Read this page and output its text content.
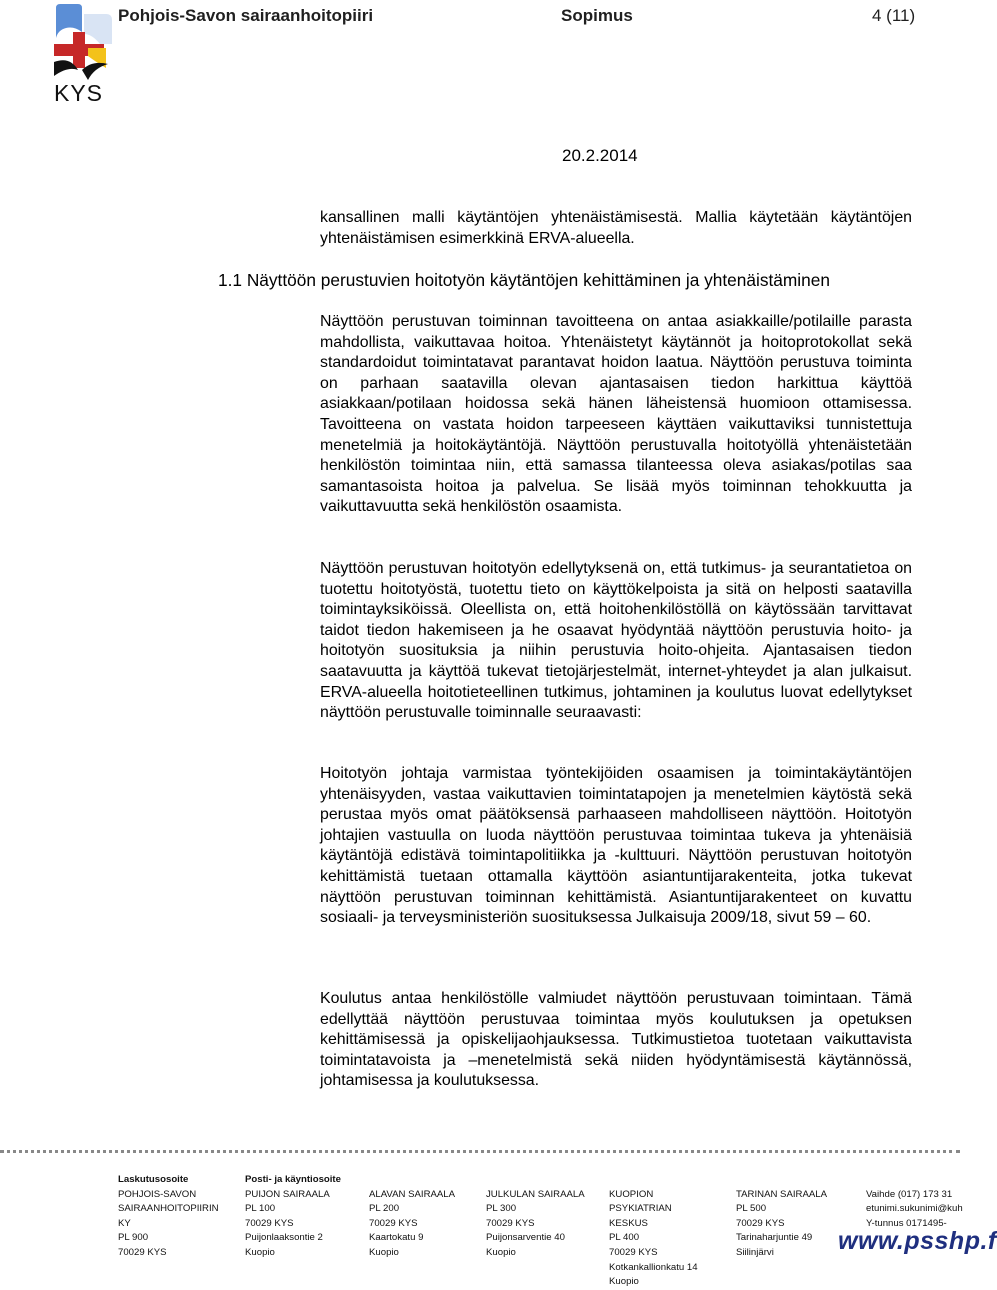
KYS
Pohjois-Savon sairaanhoitopiiri	Sopimus	4 (11)
20.2.2014

kansallinen malli käytäntöjen yhtenäistämisestä. Mallia käytetään käytäntöjen yhtenäistämisen esimerkkinä ERVA-alueella.

1.1 Näyttöön perustuvien hoitotyön käytäntöjen kehittäminen ja yhtenäistäminen

Näyttöön perustuvan toiminnan tavoitteena on antaa asiakkaille/potilaille parasta mahdollista, vaikuttavaa hoitoa. Yhtenäistetyt käytännöt ja hoitoprotokollat sekä standardoidut toimintatavat parantavat hoidon laatua. Näyttöön perustuva toiminta on parhaan saatavilla olevan ajantasaisen tiedon harkittua käyttöä asiakkaan/potilaan hoidossa sekä hänen läheistensä huomioon ottamisessa. Tavoitteena on vastata hoidon tarpeeseen käyttäen vaikuttaviksi tunnistettuja menetelmiä ja hoitokäytäntöjä. Näyttöön perustuvalla hoitotyöllä yhtenäistetään henkilöstön toimintaa niin, että samassa tilanteessa oleva asiakas/potilas saa samantasoista hoitoa ja palvelua. Se lisää myös toiminnan tehokkuutta ja vaikuttavuutta sekä henkilöstön osaamista.

Näyttöön perustuvan hoitotyön edellytyksenä on, että tutkimus- ja seurantatietoa on tuotettu hoitotyöstä, tuotettu tieto on käyttökelpoista ja sitä on helposti saatavilla toimintayksiköissä. Oleellista on, että hoitohenkilöstöllä on käytössään tarvittavat taidot tiedon hakemiseen ja he osaavat hyödyntää näyttöön perustuvia hoito- ja hoitotyön suosituksia ja niihin perustuvia hoito-ohjeita. Ajantasaisen tiedon saatavuutta ja käyttöä tukevat tietojärjestelmät, internet-yhteydet ja alan julkaisut. ERVA-alueella hoitotieteellinen tutkimus, johtaminen ja koulutus luovat edellytykset näyttöön perustuvalle toiminnalle seuraavasti:

Hoitotyön johtaja varmistaa työntekijöiden osaamisen ja toimintakäytäntöjen yhtenäisyyden, vastaa vaikuttavien toimintatapojen ja menetelmien käytöstä sekä perustaa myös omat päätöksensä parhaaseen mahdolliseen näyttöön. Hoitotyön johtajien vastuulla on luoda näyttöön perustuvaa toimintaa tukeva ja yhtenäisiä käytäntöjä edistävä toimintapolitiikka ja -kulttuuri. Näyttöön perustuvan hoitotyön kehittämistä tuetaan ottamalla käyttöön asiantuntijarakenteita, jotka tukevat näyttöön perustuvan toiminnan kehittämistä. Asiantuntijarakenteet on kuvattu sosiaali- ja terveysministeriön suosituksessa Julkaisuja 2009/18, sivut 59 – 60.

Koulutus antaa henkilöstölle valmiudet näyttöön perustuvaan toimintaan. Tämä edellyttää näyttöön perustuvaa toimintaa myös koulutuksen ja opetuksen kehittämisessä ja opiskelijaohjauksessa. Tutkimustietoa tuotetaan vaikuttavista toimintatavoista ja –menetelmistä sekä niiden hyödyntämisestä käytännössä, johtamisessa ja koulutuksessa.

Laskutusosoite
POHJOIS-SAVON
SAIRAANHOITOPIIRIN
KY
PL 900
70029 KYS
Posti- ja käyntiosoite
PUIJON SAIRAALA
PL 100
70029 KYS
Puijonlaaksontie 2
Kuopio

ALAVAN SAIRAALA
PL 200
70029 KYS
Kaartokatu 9
Kuopio

JULKULAN SAIRAALA
PL 300
70029 KYS
Puijonsarventie 40
Kuopio

KUOPION
PSYKIATRIAN
KESKUS
PL 400
70029 KYS
Kotkankallionkatu 14
Kuopio

TARINAN SAIRAALA
PL 500
70029 KYS
Tarinaharjuntie 49
Siilinjärvi

Vaihde (017) 173 31
etunimi.sukunimi@kuh
Y-tunnus 0171495-
www.psshp.f
